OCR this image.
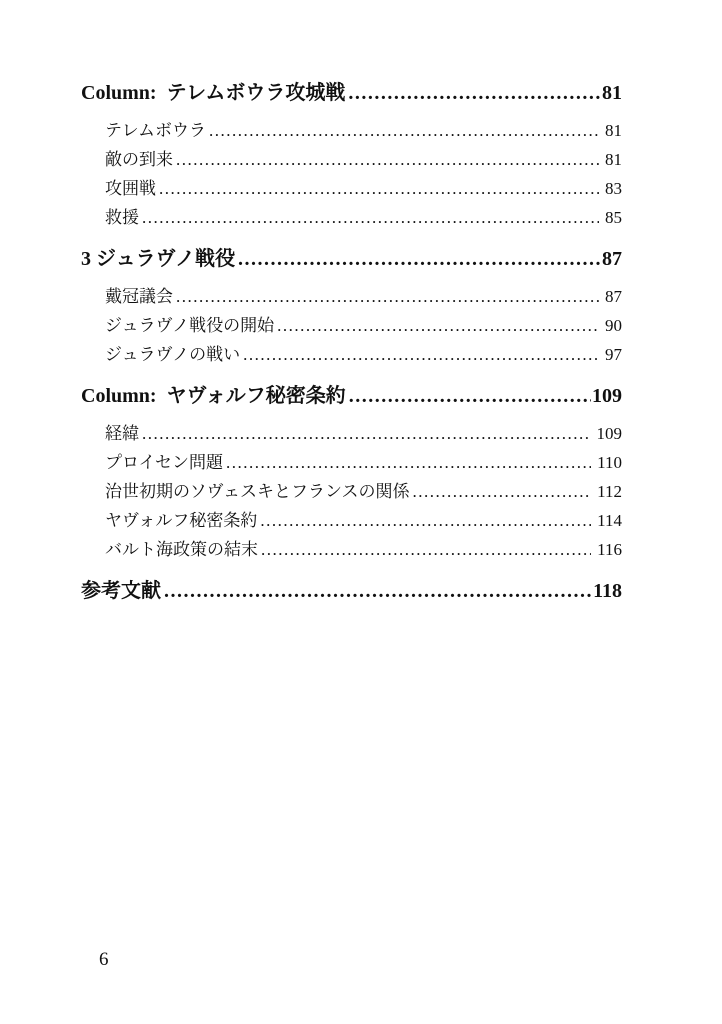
Column:  テレムボウラ攻城戦 .....	81
テレムボウラ .....	81
敵の到来 .....	81
攻囲戦 .....	83
救援 .....	85
3 ジュラヴノ戦役 .....	87
戴冠議会 .....	87
ジュラヴノ戦役の開始 .....	90
ジュラヴノの戦い .....	97
Column:  ヤヴォルフ秘密条約 .....	109
経緯 .....	109
プロイセン問題 .....	110
治世初期のソヴェスキとフランスの関係 .....	112
ヤヴォルフ秘密条約 .....	114
バルト海政策の結末 .....	116
参考文献 .....	118
6
